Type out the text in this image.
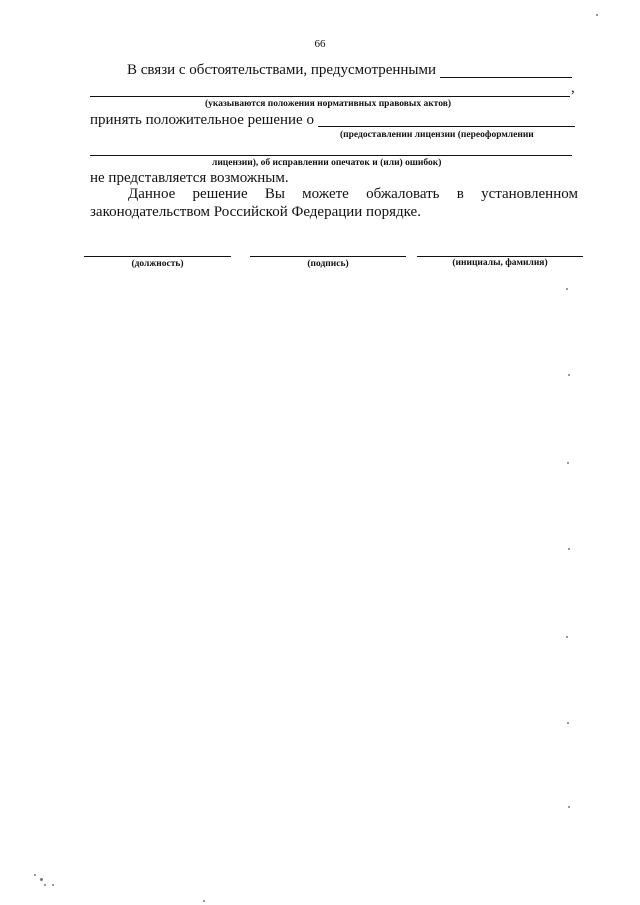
66
В связи с обстоятельствами, предусмотренными
,
(указываются положения нормативных правовых актов)
принять положительное решение о
(предоставлении лицензии (переоформлении
лицензии), об исправлении опечаток и (или) ошибок)
не представляется возможным.
Данное решение Вы можете обжаловать в установленном
законодательством Российской Федерации порядке.
(должность)	(подпись)	(инициалы, фамилия)
